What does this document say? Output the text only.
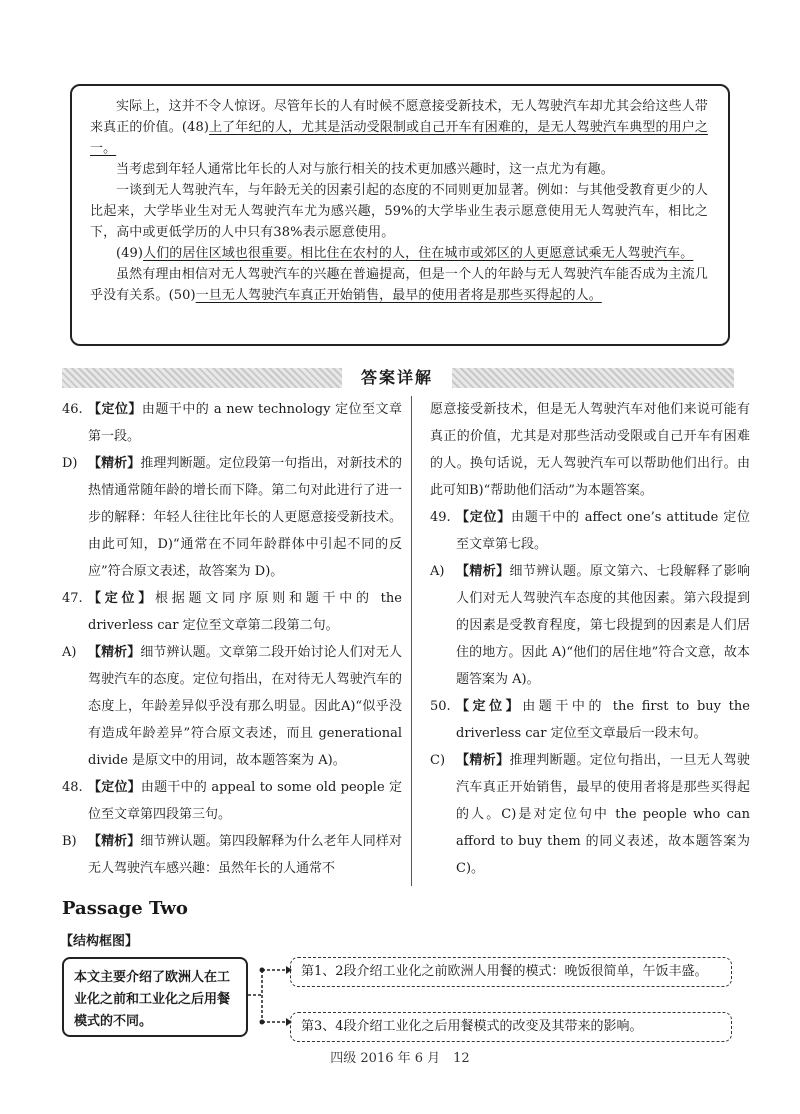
实际上，这并不令人惊讶。尽管年长的人有时候不愿意接受新技术，无人驾驶汽车却尤其会给这些人带来真正的价值。(48)上了年纪的人，尤其是活动受限制或自己开车有困难的，是无人驾驶汽车典型的用户之一。

当考虑到年轻人通常比年长的人对与旅行相关的技术更加感兴趣时，这一点尤为有趣。

一谈到无人驾驶汽车，与年龄无关的因素引起的态度的不同则更加显著。例如：与其他受教育更少的人比起来，大学毕业生对无人驾驶汽车尤为感兴趣，59%的大学毕业生表示愿意使用无人驾驶汽车，相比之下，高中或更低学历的人中只有38%表示愿意使用。

(49)人们的居住区域也很重要。相比住在农村的人，住在城市或郊区的人更愿意试乘无人驾驶汽车。

虽然有理由相信对无人驾驶汽车的兴趣在普遍提高，但是一个人的年龄与无人驾驶汽车能否成为主流几乎没有关系。(50)一旦无人驾驶汽车真正开始销售，最早的使用者将是那些买得起的人。

答案详解
46. 【定位】由题干中的 a new technology 定位至文章第一段。
D) 【精析】推理判断题。定位段第一句指出，对新技术的热情通常随年龄的增长而下降。第二句对此进行了进一步的解释：年轻人往往比年长的人更愿意接受新技术。由此可知，D)“通常在不同年龄群体中引起不同的反应”符合原文表述，故答案为 D)。
47. 【定位】根据题文同序原则和题干中的 the driverless car 定位至文章第二段第二句。
A) 【精析】细节辨认题。文章第二段开始讨论人们对无人驾驶汽车的态度。定位句指出，在对待无人驾驶汽车的态度上，年龄差异似乎没有那么明显。因此A)“似乎没有造成年龄差异”符合原文表述，而且 generational divide 是原文中的用词，故本题答案为 A)。
48. 【定位】由题干中的 appeal to some old people 定位至文章第四段第三句。
B) 【精析】细节辨认题。第四段解释为什么老年人同样对无人驾驶汽车感兴趣：虽然年长的人通常不

愿意接受新技术，但是无人驾驶汽车对他们来说可能有真正的价值，尤其是对那些活动受限或自己开车有困难的人。换句话说，无人驾驶汽车可以帮助他们出行。由此可知B)“帮助他们活动”为本题答案。

49. 【定位】由题干中的 affect one’s attitude 定位至文章第七段。
A) 【精析】细节辨认题。原文第六、七段解释了影响人们对无人驾驶汽车态度的其他因素。第六段提到的因素是受教育程度，第七段提到的因素是人们居住的地方。因此 A)“他们的居住地”符合文意，故本题答案为 A)。
50. 【定位】由题干中的 the first to buy the driverless car 定位至文章最后一段末句。
C) 【精析】推理判断题。定位句指出，一旦无人驾驶汽车真正开始销售，最早的使用者将是那些买得起的人。C)是对定位句中 the people who can afford to buy them 的同义表述，故本题答案为 C)。
Passage Two
【结构框图】
本文主要介绍了欧洲人在工业化之前和工业化之后用餐模式的不同。
第1、2段介绍工业化之前欧洲人用餐的模式：晚饭很简单，午饭丰盛。
第3、4段介绍工业化之后用餐模式的改变及其带来的影响。
四级 2016 年 6 月　12
